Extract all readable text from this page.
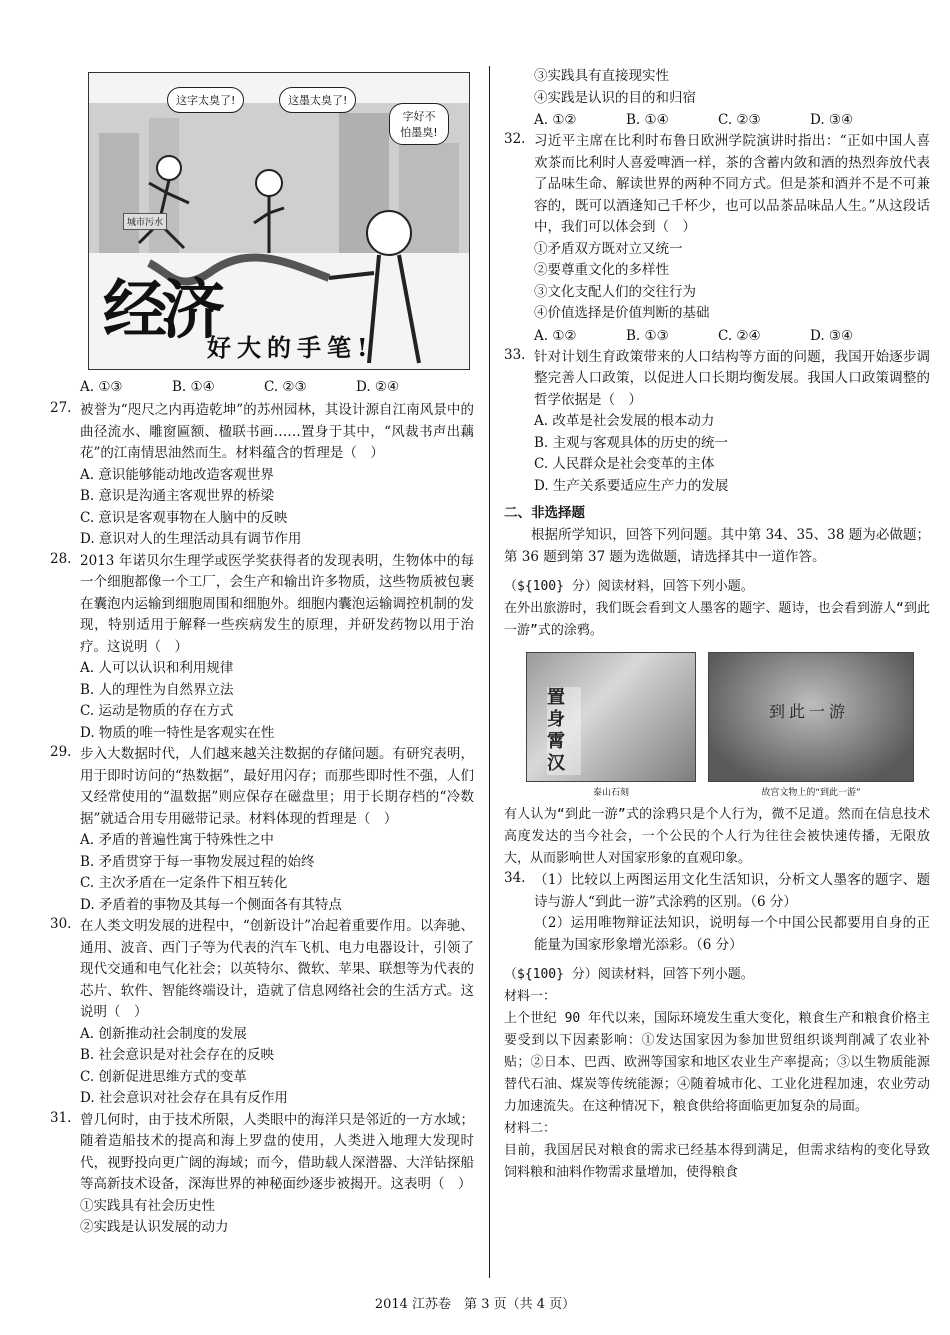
这字太臭了!	这墨太臭了!
字好不怕墨臭!
城市污水
经济
好大的手笔!
A. ①③	B. ①④	C. ②③	D. ②④
27. 被誉为“咫尺之内再造乾坤”的苏州园林，其设计源自江南风景中的曲径流水、雕窗匾额、楹联书画……置身于其中，“风裁书声出藕花”的江南情思油然而生。材料蕴含的哲理是（　）

A. 意识能够能动地改造客观世界

B. 意识是沟通主客观世界的桥梁

C. 意识是客观事物在人脑中的反映

D. 意识对人的生理活动具有调节作用

28. 2013 年诺贝尔生理学或医学奖获得者的发现表明，生物体中的每一个细胞都像一个工厂，会生产和输出许多物质，这些物质被包裹在囊泡内运输到细胞周围和细胞外。细胞内囊泡运输调控机制的发现，特别适用于解释一些疾病发生的原理，并研发药物以用于治疗。这说明（　）

A. 人可以认识和利用规律

B. 人的理性为自然界立法

C. 运动是物质的存在方式

D. 物质的唯一特性是客观实在性

29. 步入大数据时代，人们越来越关注数据的存储问题。有研究表明，用于即时访问的“热数据”，最好用闪存；而那些即时性不强，人们又经常使用的“温数据”则应保存在磁盘里；用于长期存档的“冷数据”就适合用专用磁带记录。材料体现的哲理是（　）

A. 矛盾的普遍性寓于特殊性之中

B. 矛盾贯穿于每一事物发展过程的始终

C. 主次矛盾在一定条件下相互转化

D. 矛盾着的事物及其每一个侧面各有其特点

30. 在人类文明发展的进程中，“创新设计”冶起着重要作用。以奔驰、通用、波音、西门子等为代表的汽车飞机、电力电器设计，引领了现代交通和电气化社会；以英特尔、微软、苹果、联想等为代表的芯片、软件、智能终端设计，造就了信息网络社会的生活方式。这说明（　）

A. 创新推动社会制度的发展

B. 社会意识是对社会存在的反映

C. 创新促进思维方式的变革

D. 社会意识对社会存在具有反作用

31. 曾几何时，由于技术所限，人类眼中的海洋只是邻近的一方水域；随着造船技术的提高和海上罗盘的使用，人类进入地理大发现时代，视野投向更广阔的海域；而今，借助载人深潜器、大洋钻探船等高新技术设备，深海世界的神秘面纱逐步被揭开。这表明（　）

①实践具有社会历史性

②实践是认识发展的动力

③实践具有直接现实性

④实践是认识的目的和归宿

A. ①②	B. ①④	C. ②③	D. ③④
32. 习近平主席在比利时布鲁日欧洲学院演讲时指出：“正如中国人喜欢茶而比利时人喜爱啤酒一样，茶的含蓄内敛和酒的热烈奔放代表了品味生命、解读世界的两种不同方式。但是茶和酒并不是不可兼容的，既可以酒逢知己千杯少，也可以品茶品味品人生。”从这段话中，我们可以体会到（　）

①矛盾双方既对立又统一

②要尊重文化的多样性

③文化支配人们的交往行为

④价值选择是价值判断的基础

A. ①②	B. ①③	C. ②④	D. ③④
33. 针对计划生育政策带来的人口结构等方面的问题，我国开始逐步调整完善人口政策，以促进人口长期均衡发展。我国人口政策调整的哲学依据是（　）

A. 改革是社会发展的根本动力

B. 主观与客观具体的历史的统一

C. 人民群众是社会变革的主体

D. 生产关系要适应生产力的发展

二、非选择题

根据所学知识，回答下列问题。其中第 34、35、38 题为必做题；第 36 题到第 37 题为选做题，请选择其中一道作答。

（${100} 分）阅读材料，回答下列小题。

在外出旅游时，我们既会看到文人墨客的题字、题诗，也会看到游人“到此一游”式的涂鸦。

置身霄汉
泰山石刻
到此一游
故宫文物上的“到此一游”

有人认为“到此一游”式的涂鸦只是个人行为，微不足道。然而在信息技术高度发达的当今社会，一个公民的个人行为往往会被快速传播，无限放大，从而影响世人对国家形象的直观印象。

34. （1）比较以上两图运用文化生活知识，分析文人墨客的题字、题诗与游人“到此一游”式涂鸦的区别。（6 分）

（2）运用唯物辩证法知识，说明每一个中国公民都要用自身的正能量为国家形象增光添彩。（6 分）

（${100} 分）阅读材料，回答下列小题。

材料一：

上个世纪 90 年代以来，国际环境发生重大变化，粮食生产和粮食价格主要受到以下因素影响：①发达国家因为参加世贸组织谈判削减了农业补贴；②日本、巴西、欧洲等国家和地区农业生产率提高；③以生物质能源替代石油、煤炭等传统能源；④随着城市化、工业化进程加速，农业劳动力加速流失。在这种情况下，粮食供给将面临更加复杂的局面。

材料二：

目前，我国居民对粮食的需求已经基本得到满足，但需求结构的变化导致饲料粮和油料作物需求量增加，使得粮食

2014 江苏卷　第 3 页（共 4 页）
